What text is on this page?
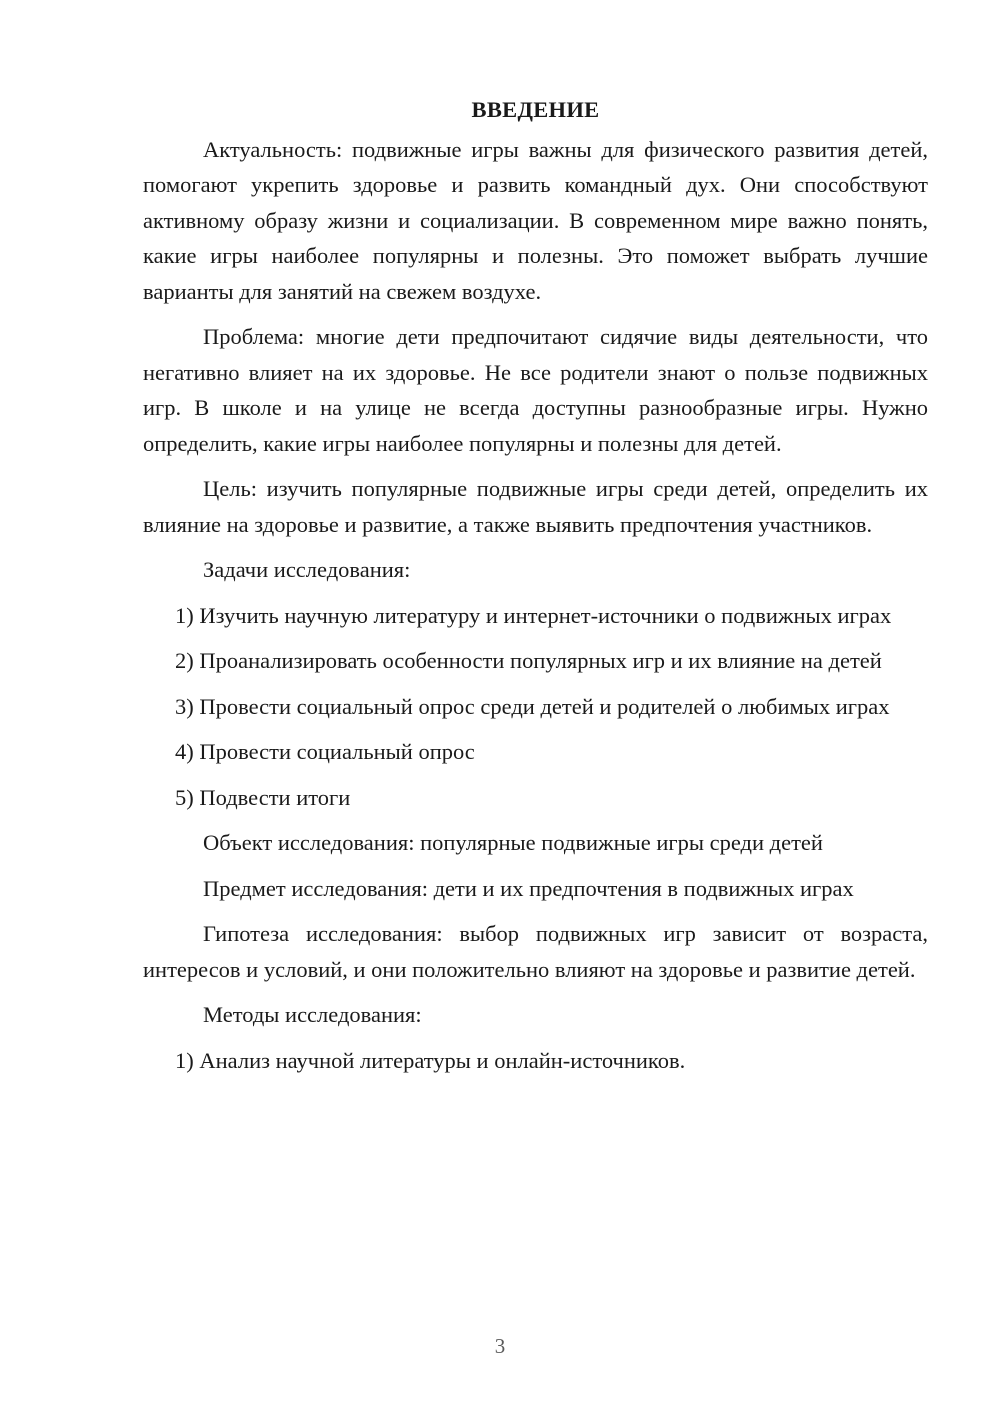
ВВЕДЕНИЕ

Актуальность: подвижные игры важны для физического развития детей, помогают укрепить здоровье и развить командный дух. Они способствуют активному образу жизни и социализации. В современном мире важно понять, какие игры наиболее популярны и полезны. Это поможет выбрать лучшие варианты для занятий на свежем воздухе.

Проблема: многие дети предпочитают сидячие виды деятельности, что негативно влияет на их здоровье. Не все родители знают о пользе подвижных игр. В школе и на улице не всегда доступны разнообразные игры. Нужно определить, какие игры наиболее популярны и полезны для детей.

Цель: изучить популярные подвижные игры среди детей, определить их влияние на здоровье и развитие, а также выявить предпочтения участников.

Задачи исследования:

1) Изучить научную литературу и интернет-источники о подвижных играх

2) Проанализировать особенности популярных игр и их влияние на детей

3) Провести социальный опрос среди детей и родителей о любимых играх

4) Провести социальный опрос

5) Подвести итоги

Объект исследования: популярные подвижные игры среди детей

Предмет исследования: дети и их предпочтения в подвижных играх

Гипотеза исследования: выбор подвижных игр зависит от возраста, интересов и условий, и они положительно влияют на здоровье и развитие детей.

Методы исследования:

1) Анализ научной литературы и онлайн-источников.

3
